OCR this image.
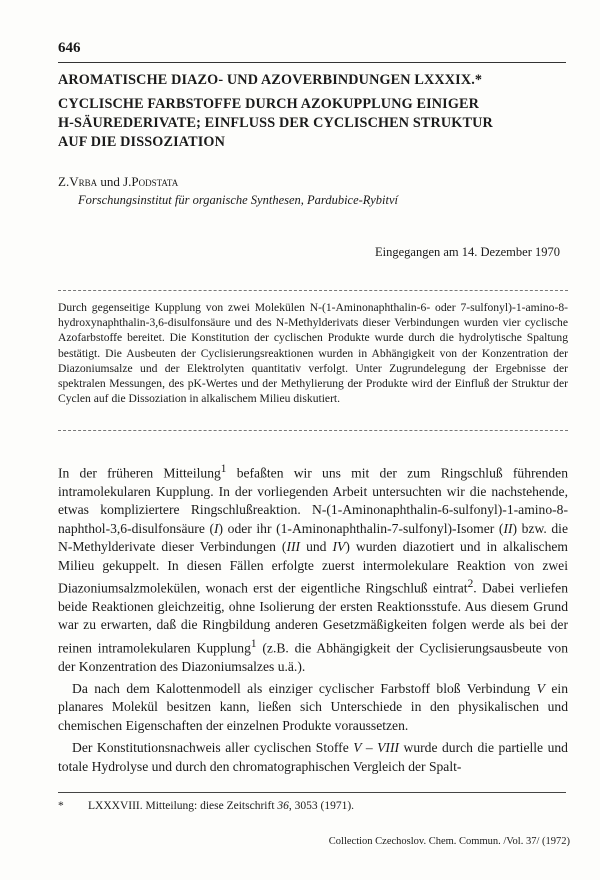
646
AROMATISCHE DIAZO- UND AZOVERBINDUNGEN LXXXIX.*
CYCLISCHE FARBSTOFFE DURCH AZOKUPPLUNG EINIGER
H-SÄUREDERIVATE; EINFLUSS DER CYCLISCHEN STRUKTUR
AUF DIE DISSOZIATION
Z.Vrba und J.Podstata
Forschungsinstitut für organische Synthesen, Pardubice-Rybitví
Eingegangen am 14. Dezember 1970
Durch gegenseitige Kupplung von zwei Molekülen N-(1-Aminonaphthalin-6- oder 7-sulfonyl)-1-amino-8-hydroxynaphthalin-3,6-disulfonsäure und des N-Methylderivats dieser Verbindungen wurden vier cyclische Azofarbstoffe bereitet. Die Konstitution der cyclischen Produkte wurde durch die hydrolytische Spaltung bestätigt. Die Ausbeuten der Cyclisierungsreaktionen wurden in Abhängigkeit von der Konzentration der Diazoniumsalze und der Elektrolyten quantitativ verfolgt. Unter Zugrundelegung der Ergebnisse der spektralen Messungen, des pK-Wertes und der Methylierung der Produkte wird der Einfluß der Struktur der Cyclen auf die Dissoziation in alkalischem Milieu diskutiert.

In der früheren Mitteilung$^1$ befaßten wir uns mit der zum Ringschluß führenden intramolekularen Kupplung. In der vorliegenden Arbeit untersuchten wir die nachstehende, etwas kompliziertere Ringschlußreaktion. N-(1-Aminonaphthalin-6-sulfonyl)-1-amino-8-naphthol-3,6-disulfonsäure (I) oder ihr (1-Aminonaphthalin-7-sulfonyl)-Isomer (II) bzw. die N-Methylderivate dieser Verbindungen (III und IV) wurden diazotiert und in alkalischem Milieu gekuppelt. In diesen Fällen erfolgte zuerst intermolekulare Reaktion von zwei Diazoniumsalzmolekülen, wonach erst der eigentliche Ringschluß eintrat$^2$. Dabei verliefen beide Reaktionen gleichzeitig, ohne Isolierung der ersten Reaktionsstufe. Aus diesem Grund war zu erwarten, daß die Ringbildung anderen Gesetzmäßigkeiten folgen werde als bei der reinen intramolekularen Kupplung$^1$ (z.B. die Abhängigkeit der Cyclisierungsausbeute von der Konzentration des Diazoniumsalzes u.ä.).

Da nach dem Kalottenmodell als einziger cyclischer Farbstoff bloß Verbindung V ein planares Molekül besitzen kann, ließen sich Unterschiede in den physikalischen und chemischen Eigenschaften der einzelnen Produkte voraussetzen.

Der Konstitutionsnachweis aller cyclischen Stoffe V – VIII wurde durch die partielle und totale Hydrolyse und durch den chromatographischen Vergleich der Spalt-

* LXXXVIII. Mitteilung: diese Zeitschrift 36, 3053 (1971).
Collection Czechoslov. Chem. Commun. /Vol. 37/ (1972)
